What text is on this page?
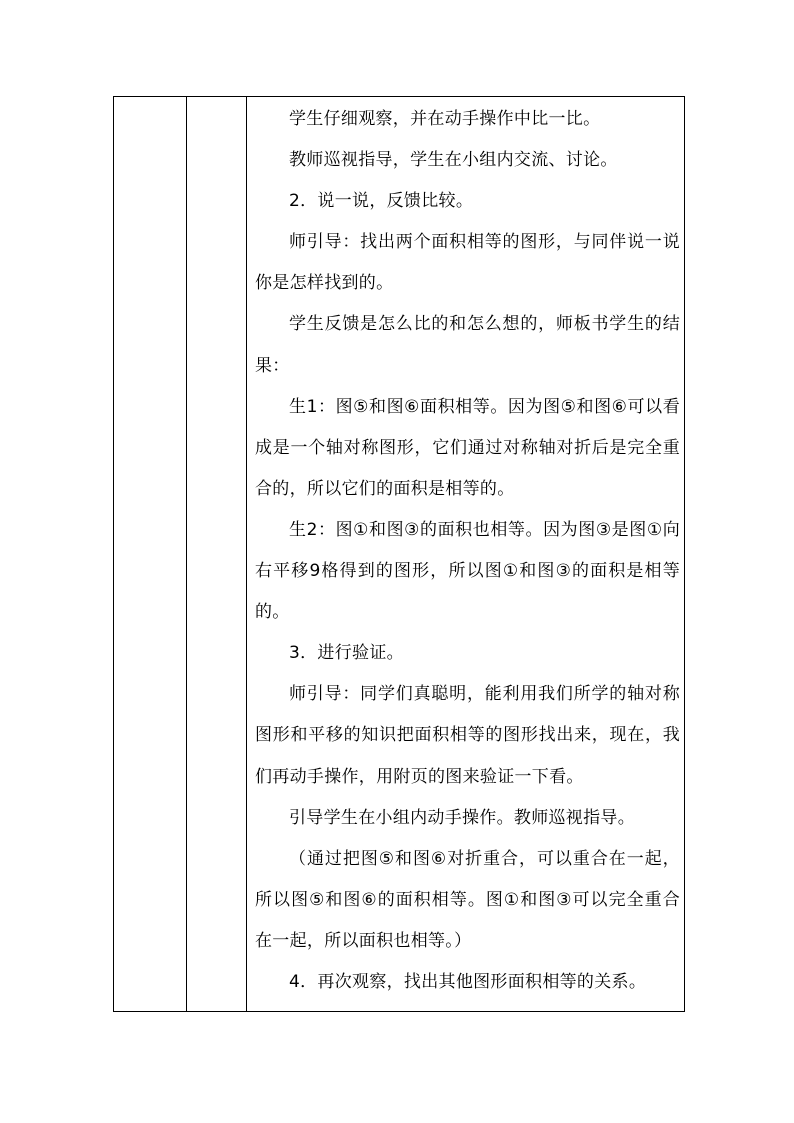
学生仔细观察，并在动手操作中比一比。

教师巡视指导，学生在小组内交流、讨论。

2．说一说，反馈比较。

师引导：找出两个面积相等的图形，与同伴说一说你是怎样找到的。

学生反馈是怎么比的和怎么想的，师板书学生的结果：

生1：图⑤和图⑥面积相等。因为图⑤和图⑥可以看成是一个轴对称图形，它们通过对称轴对折后是完全重合的，所以它们的面积是相等的。

生2：图①和图③的面积也相等。因为图③是图①向右平移9格得到的图形，所以图①和图③的面积是相等的。

3．进行验证。

师引导：同学们真聪明，能利用我们所学的轴对称图形和平移的知识把面积相等的图形找出来，现在，我们再动手操作，用附页的图来验证一下看。

引导学生在小组内动手操作。教师巡视指导。

（通过把图⑤和图⑥对折重合，可以重合在一起，所以图⑤和图⑥的面积相等。图①和图③可以完全重合在一起，所以面积也相等。）

4．再次观察，找出其他图形面积相等的关系。
